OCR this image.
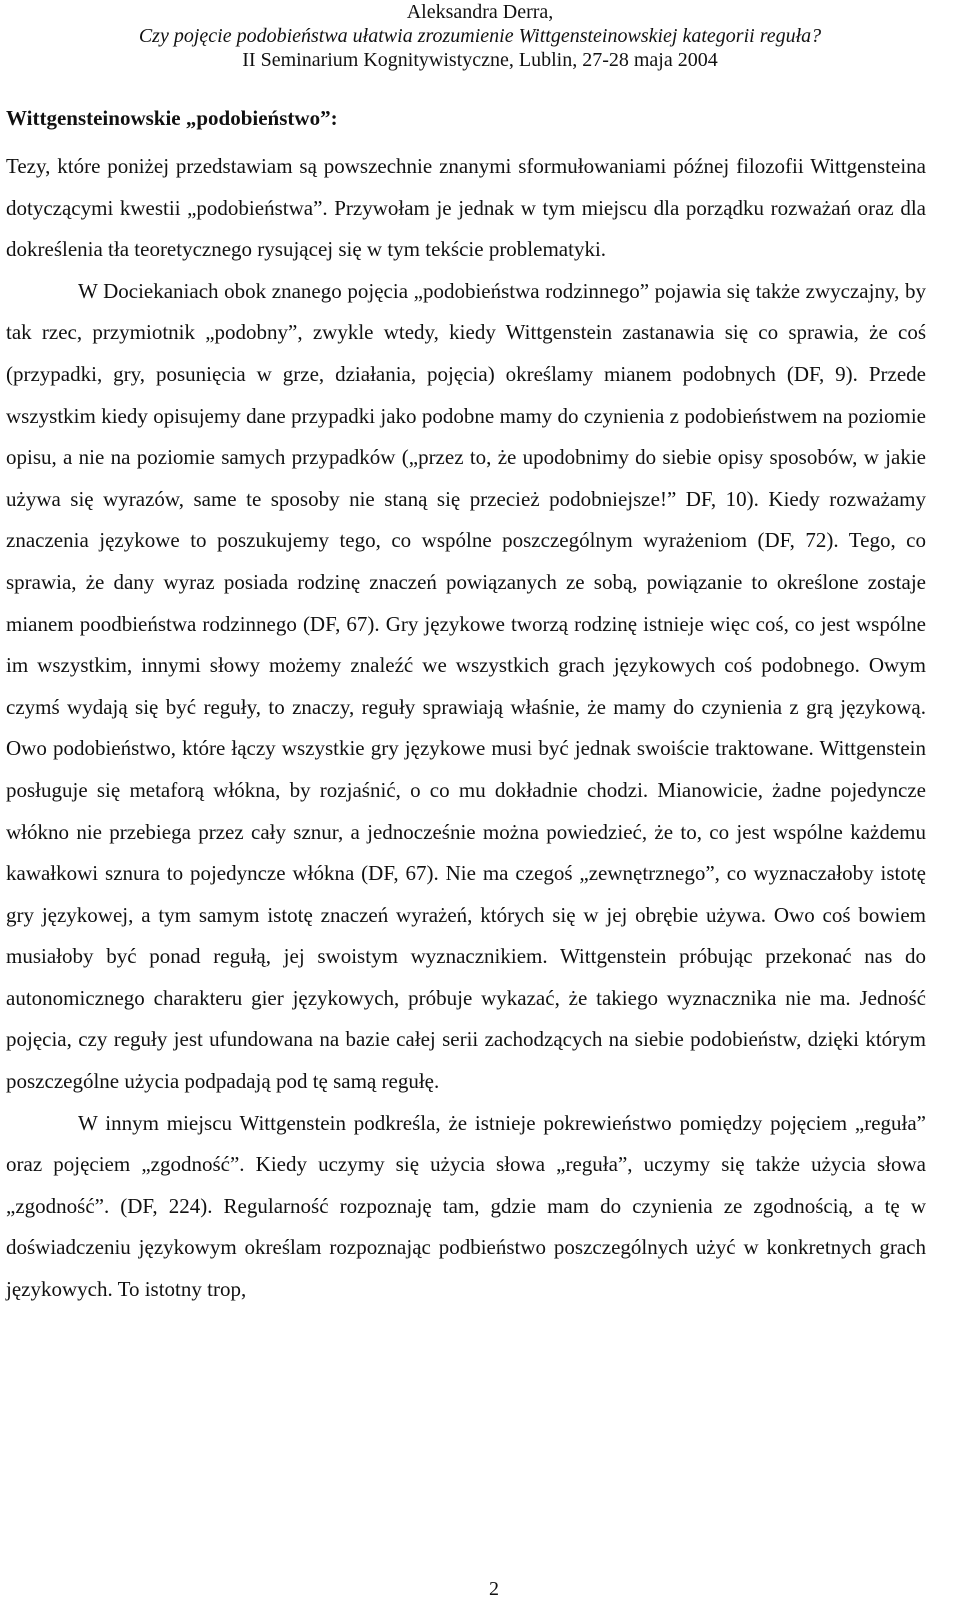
Aleksandra Derra,
Czy pojęcie podobieństwa ułatwia zrozumienie Wittgensteinowskiej kategorii reguła?
II Seminarium Kognitywistyczne, Lublin, 27-28 maja 2004
Wittgensteinowskie „podobieństwo”:

Tezy, które poniżej przedstawiam są powszechnie znanymi sformułowaniami późnej filozofii Wittgensteina dotyczącymi kwestii „podobieństwa”. Przywołam je jednak w tym miejscu dla porządku rozważań oraz dla dokreślenia tła teoretycznego rysującej się w tym tekście problematyki.

W Dociekaniach obok znanego pojęcia „podobieństwa rodzinnego” pojawia się także zwyczajny, by tak rzec, przymiotnik „podobny”, zwykle wtedy, kiedy Wittgenstein zastanawia się co sprawia, że coś (przypadki, gry, posunięcia w grze, działania, pojęcia) określamy mianem podobnych (DF, 9). Przede wszystkim kiedy opisujemy dane przypadki jako podobne mamy do czynienia z podobieństwem na poziomie opisu, a nie na poziomie samych przypadków („przez to, że upodobnimy do siebie opisy sposobów, w jakie używa się wyrazów, same te sposoby nie staną się przecież podobniejsze!” DF, 10). Kiedy rozważamy znaczenia językowe to poszukujemy tego, co wspólne poszczególnym wyrażeniom (DF, 72). Tego, co sprawia, że dany wyraz posiada rodzinę znaczeń powiązanych ze sobą, powiązanie to określone zostaje mianem poodbieństwa rodzinnego (DF, 67). Gry językowe tworzą rodzinę istnieje więc coś, co jest wspólne im wszystkim, innymi słowy możemy znaleźć we wszystkich grach językowych coś podobnego. Owym czymś wydają się być reguły, to znaczy, reguły sprawiają właśnie, że mamy do czynienia z grą językową. Owo podobieństwo, które łączy wszystkie gry językowe musi być jednak swoiście traktowane. Wittgenstein posługuje się metaforą włókna, by rozjaśnić, o co mu dokładnie chodzi. Mianowicie, żadne pojedyncze włókno nie przebiega przez cały sznur, a jednocześnie można powiedzieć, że to, co jest wspólne każdemu kawałkowi sznura to pojedyncze włókna (DF, 67). Nie ma czegoś „zewnętrznego”, co wyznaczałoby istotę gry językowej, a tym samym istotę znaczeń wyrażeń, których się w jej obrębie używa. Owo coś bowiem musiałoby być ponad regułą, jej swoistym wyznacznikiem. Wittgenstein próbując przekonać nas do autonomicznego charakteru gier językowych, próbuje wykazać, że takiego wyznacznika nie ma. Jedność pojęcia, czy reguły jest ufundowana na bazie całej serii zachodzących na siebie podobieństw, dzięki którym poszczególne użycia podpadają pod tę samą regułę.

W innym miejscu Wittgenstein podkreśla, że istnieje pokrewieństwo pomiędzy pojęciem „reguła” oraz pojęciem „zgodność”. Kiedy uczymy się użycia słowa „reguła”, uczymy się także użycia słowa „zgodność”. (DF, 224). Regularność rozpoznaję tam, gdzie mam do czynienia ze zgodnością, a tę w doświadczeniu językowym określam rozpoznając podbieństwo poszczególnych użyć w konkretnych grach językowych. To istotny trop,

2
